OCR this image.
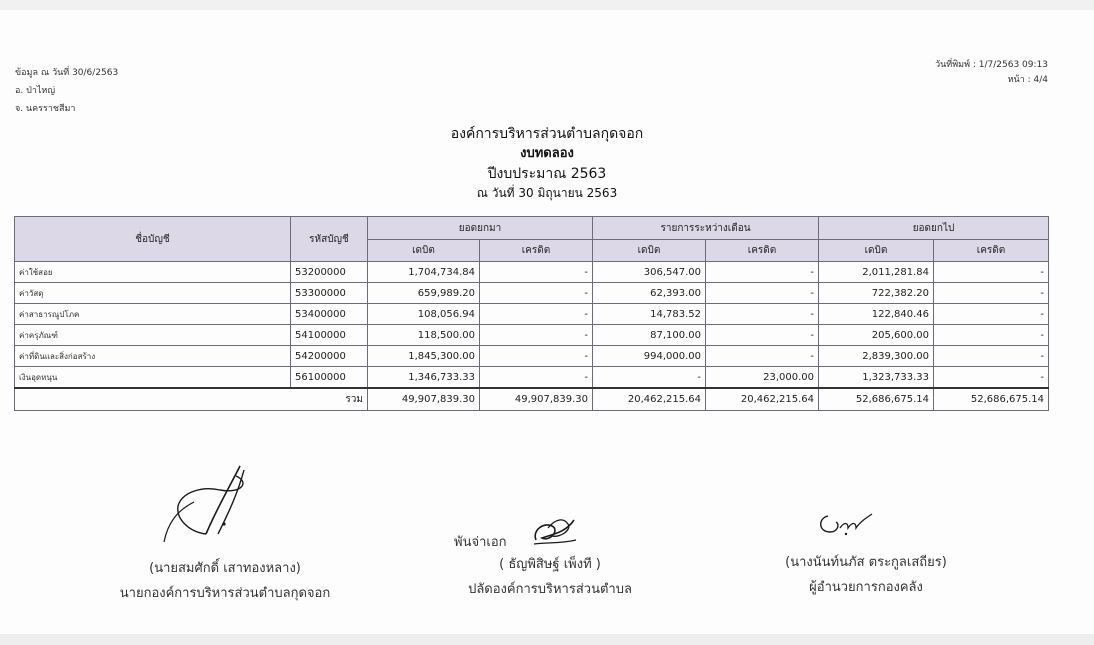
ข้อมูล ณ วันที่ 30/6/2563
อ. ป่าไหญ่
จ. นครราชสีมา
วันที่พิมพ์ : 1/7/2563 09:13
หน้า : 4/4
องค์การบริหารส่วนตำบลกุดจอก
งบทดลอง
ปีงบประมาณ 2563
ณ วันที่ 30 มิถุนายน 2563
ชื่อบัญชี	รหัสบัญชี	ยอดยกมา		รายการระหว่างเดือน		ยอดยกไป	
		เดบิต	เครดิต	เดบิต	เครดิต	เดบิต	เครดิต
ค่าใช้สอย	53200000	1,704,734.84	-	306,547.00	-	2,011,281.84	-
ค่าวัสดุ	53300000	659,989.20	-	62,393.00	-	722,382.20	-
ค่าสาธารณูปโภค	53400000	108,056.94	-	14,783.52	-	122,840.46	-
ค่าครุภัณฑ์	54100000	118,500.00	-	87,100.00	-	205,600.00	-
ค่าที่ดินและสิ่งก่อสร้าง	54200000	1,845,300.00	-	994,000.00	-	2,839,300.00	-
เงินอุดหนุน	56100000	1,346,733.33	-	-	23,000.00	1,323,733.33	-
รวม		49,907,839.30	49,907,839.30	20,462,215.64	20,462,215.64	52,686,675.14	52,686,675.14
(นายสมศักดิ์ เสาทองหลาง)
นายกองค์การบริหารส่วนตำบลกุดจอก
พันจ่าเอก
( ธัญพิสิษฐ์ เพ็งที )
ปลัดองค์การบริหารส่วนตำบล
(นางนันท์นภัส ตระกูลเสถียร)
ผู้อำนวยการกองคลัง
